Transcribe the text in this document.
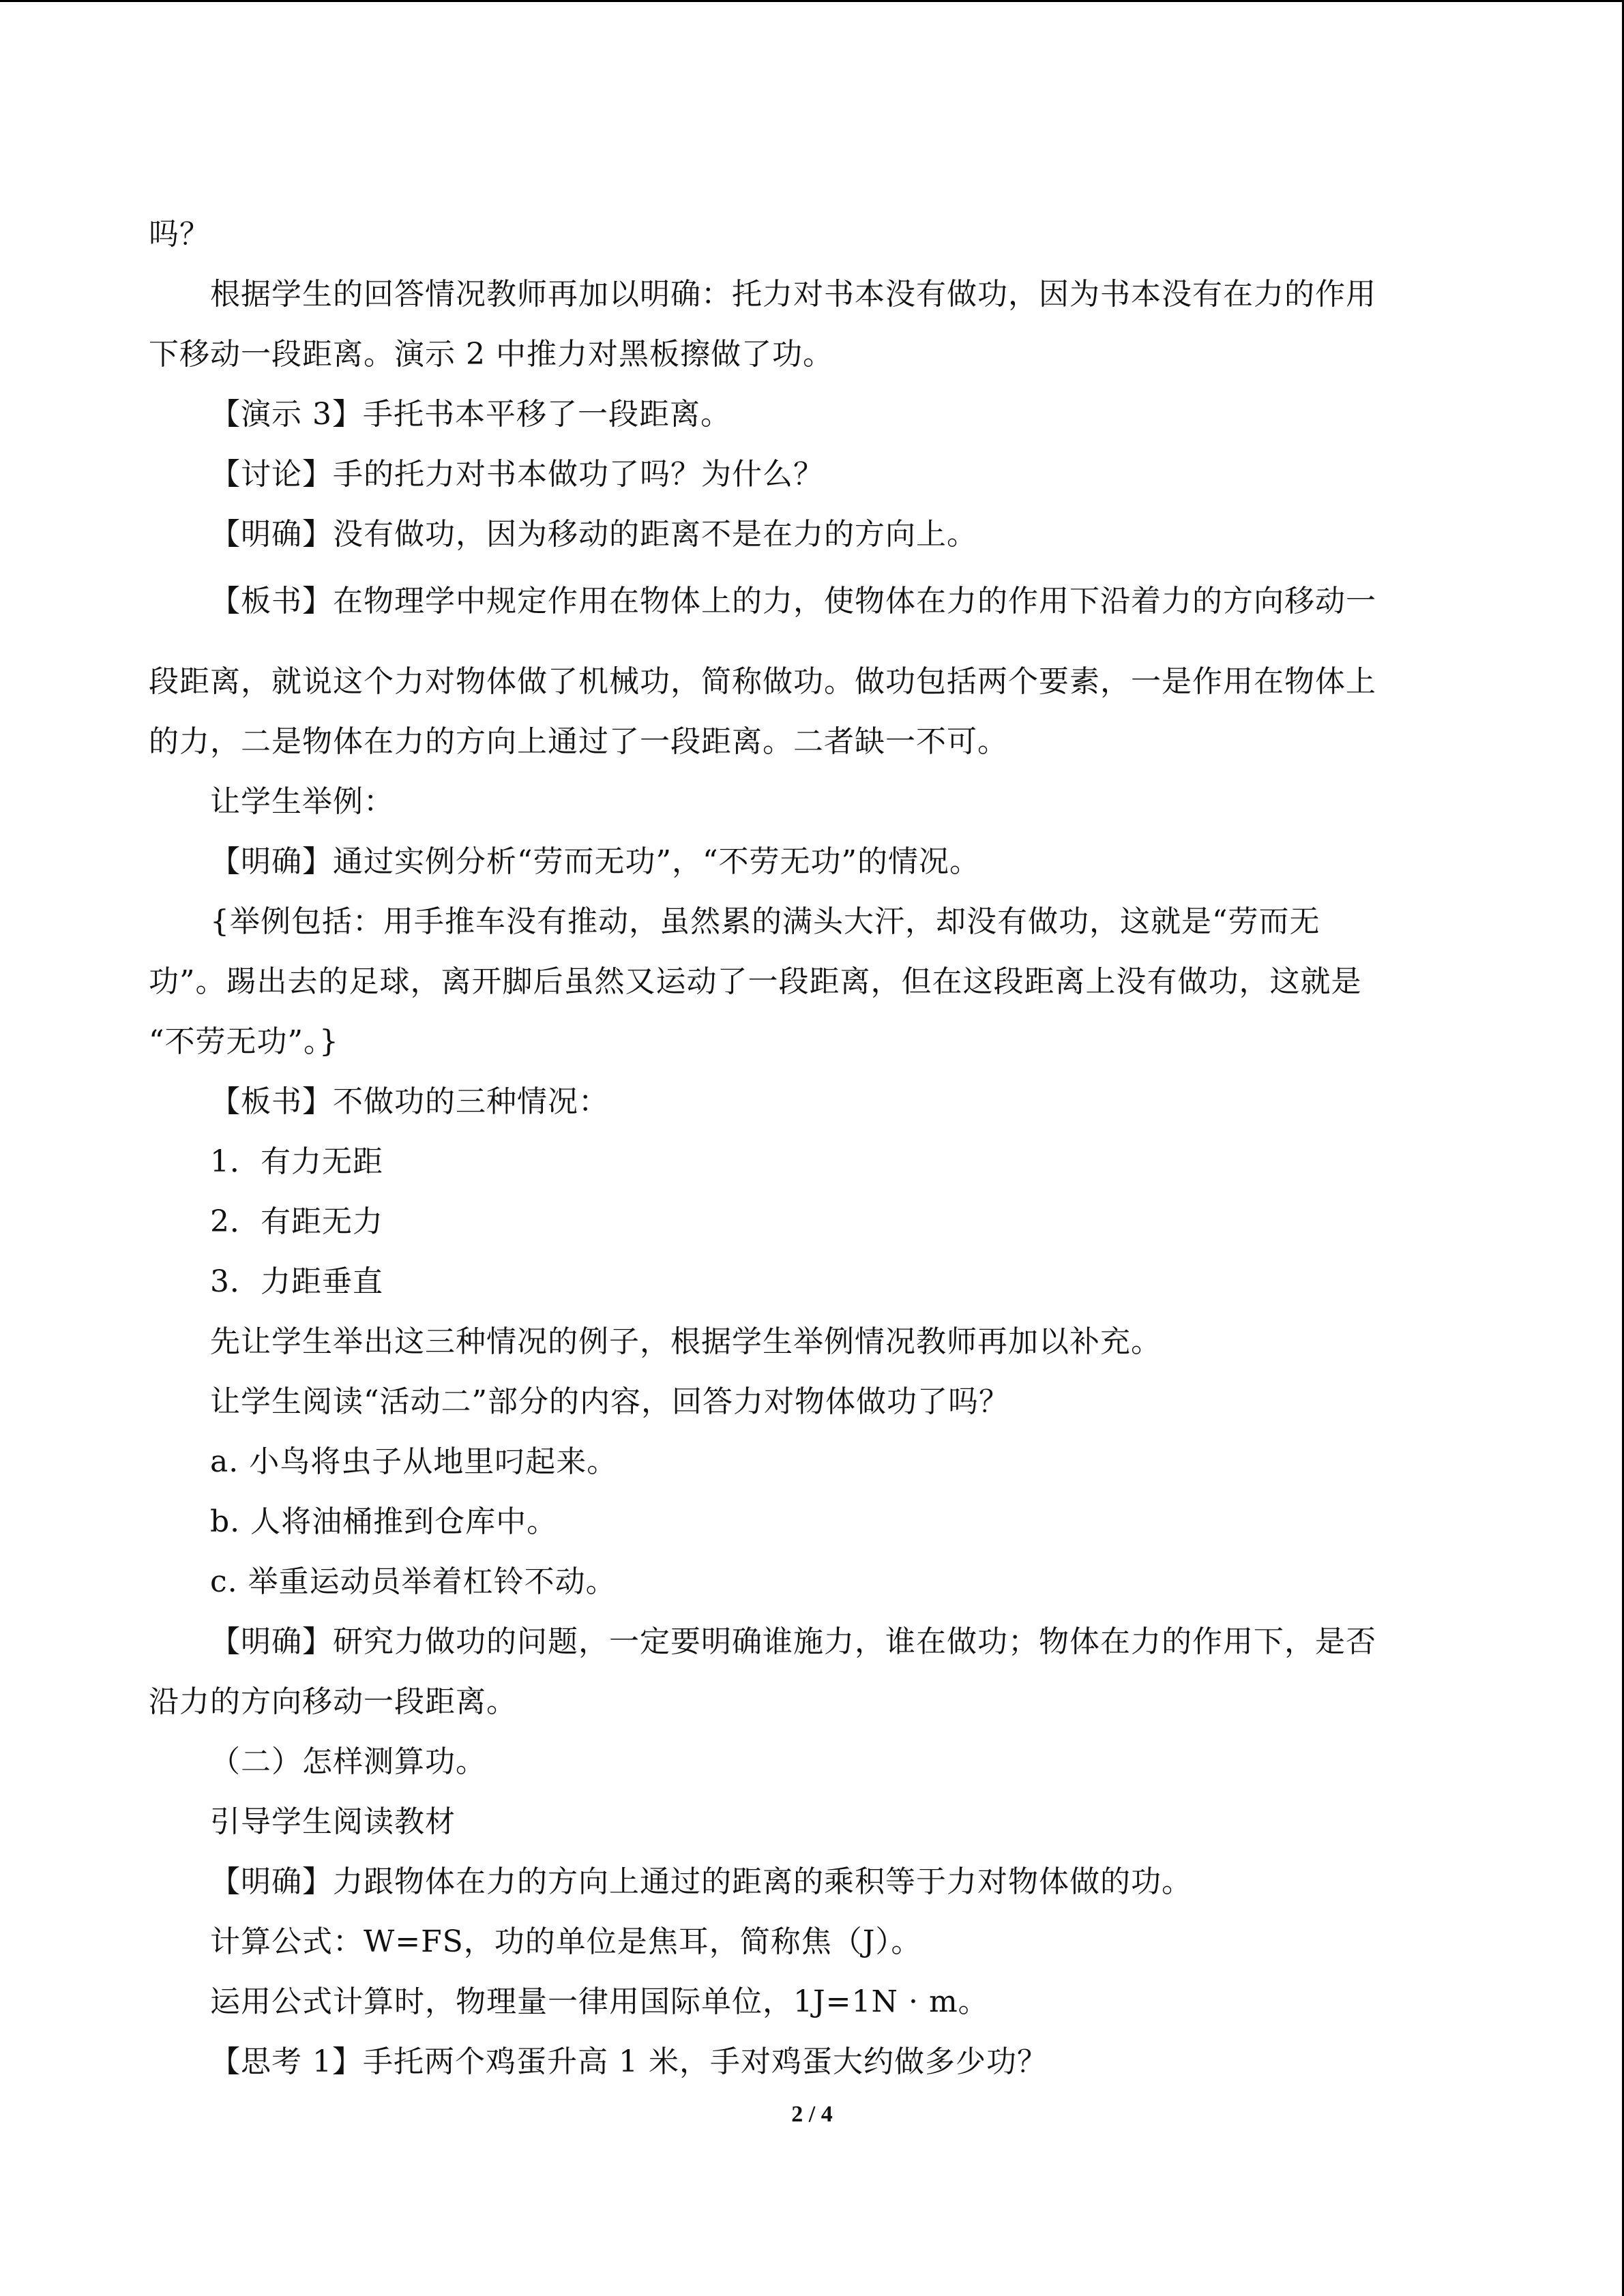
吗？
根据学生的回答情况教师再加以明确：托力对书本没有做功，因为书本没有在力的作用
下移动一段距离。演示 2 中推力对黑板擦做了功。
【演示 3】手托书本平移了一段距离。
【讨论】手的托力对书本做功了吗？为什么？
【明确】没有做功，因为移动的距离不是在力的方向上。
【板书】在物理学中规定作用在物体上的力，使物体在力的作用下沿着力的方向移动一
段距离，就说这个力对物体做了机械功，简称做功。做功包括两个要素，一是作用在物体上
的力，二是物体在力的方向上通过了一段距离。二者缺一不可。
让学生举例：
【明确】通过实例分析“劳而无功”，“不劳无功”的情况。
{举例包括：用手推车没有推动，虽然累的满头大汗，却没有做功，这就是“劳而无
功”。踢出去的足球，离开脚后虽然又运动了一段距离，但在这段距离上没有做功，这就是
“不劳无功”。}
【板书】不做功的三种情况：
1．有力无距
2．有距无力
3．力距垂直
先让学生举出这三种情况的例子，根据学生举例情况教师再加以补充。
让学生阅读“活动二”部分的内容，回答力对物体做功了吗？
a. 小鸟将虫子从地里叼起来。
b. 人将油桶推到仓库中。
c. 举重运动员举着杠铃不动。
【明确】研究力做功的问题，一定要明确谁施力，谁在做功；物体在力的作用下，是否
沿力的方向移动一段距离。
（二）怎样测算功。
引导学生阅读教材
【明确】力跟物体在力的方向上通过的距离的乘积等于力对物体做的功。
计算公式：W=FS，功的单位是焦耳，简称焦（J）。
运用公式计算时，物理量一律用国际单位，1J=1N · m。
【思考 1】手托两个鸡蛋升高 1 米，手对鸡蛋大约做多少功？
2 / 4
